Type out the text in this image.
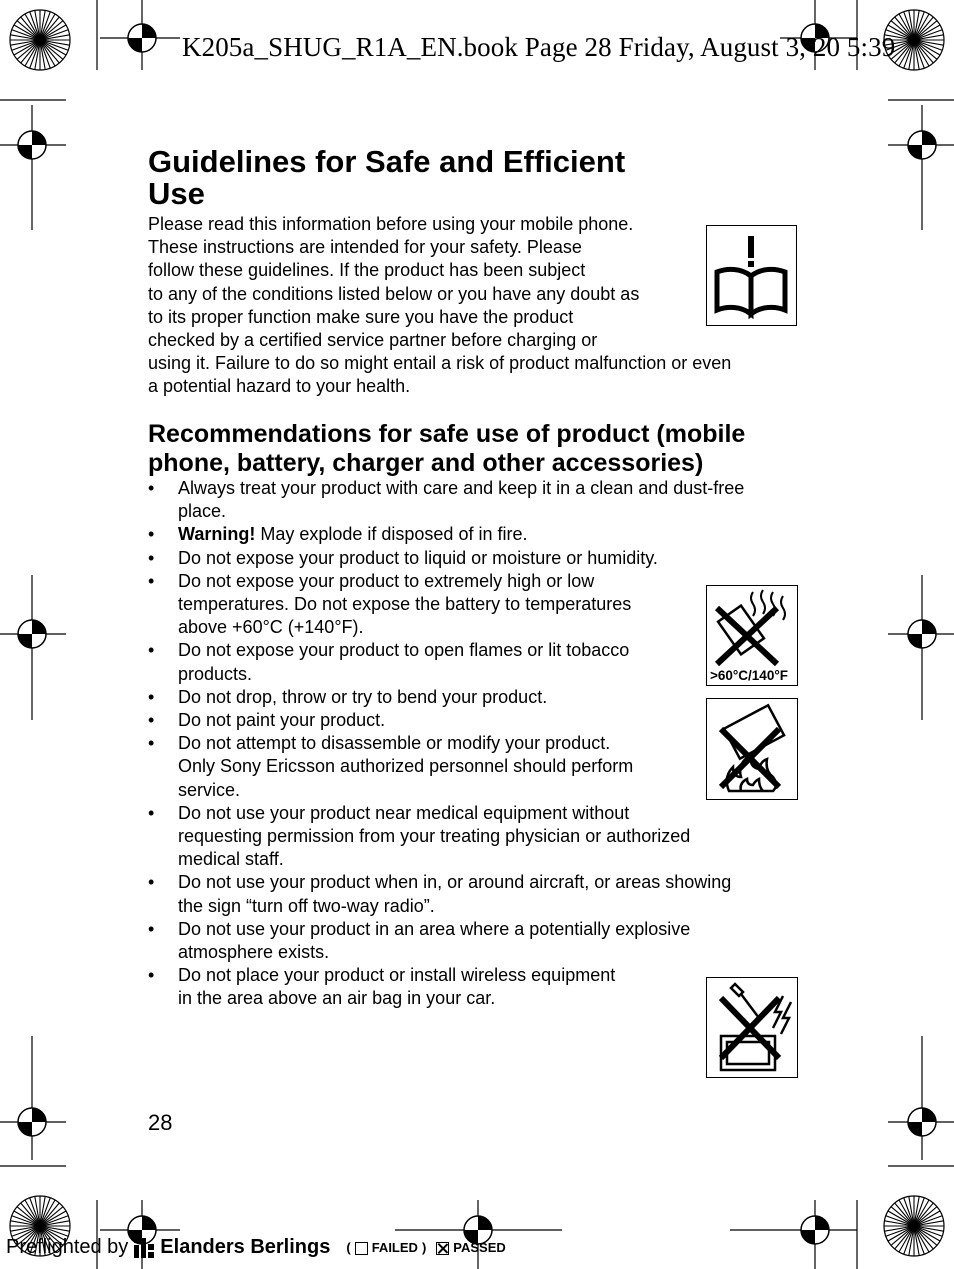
K205a_SHUG_R1A_EN.book Page 28 Friday, August 3, 20 5:39
Guidelines for Safe and Efficient
Use

Please read this information before using your mobile phone.
These instructions are intended for your safety. Please
follow these guidelines. If the product has been subject
to any of the conditions listed below or you have any doubt as
to its proper function make sure you have the product
checked by a certified service partner before charging or
using it. Failure to do so might entail a risk of product malfunction or even
a potential hazard to your health.

Recommendations for safe use of product (mobile
phone, battery, charger and other accessories)
• Always treat your product with care and keep it in a clean and dust-free
place.
• Warning! May explode if disposed of in fire.
• Do not expose your product to liquid or moisture or humidity.
• Do not expose your product to extremely high or low
temperatures. Do not expose the battery to temperatures
above +60°C (+140°F).
• Do not expose your product to open flames or lit tobacco
products.
• Do not drop, throw or try to bend your product.
• Do not paint your product.
• Do not attempt to disassemble or modify your product.
Only Sony Ericsson authorized personnel should perform
service.
• Do not use your product near medical equipment without
requesting permission from your treating physician or authorized
medical staff.
• Do not use your product when in, or around aircraft, or areas showing
the sign “turn off two-way radio”.
• Do not use your product in an area where a potentially explosive
atmosphere exists.
• Do not place your product or install wireless equipment
in the area above an air bag in your car.
>60°C/140°F
28
Preflighted by Elanders Berlings ( FAILED ) PASSED
